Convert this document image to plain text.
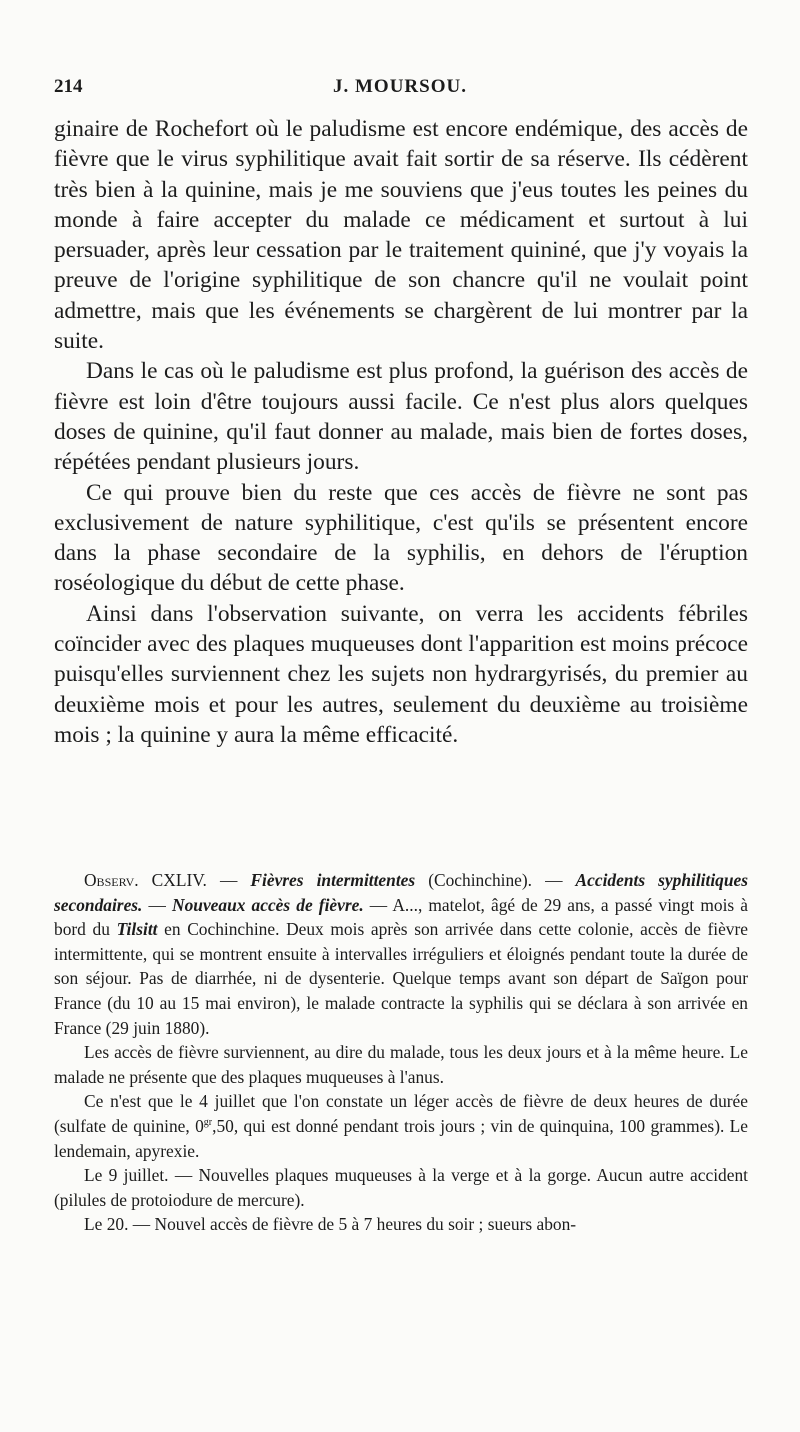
214	J. MOURSOU.

ginaire de Rochefort où le paludisme est encore endémique, des accès de fièvre que le virus syphilitique avait fait sortir de sa réserve. Ils cédèrent très bien à la quinine, mais je me souviens que j'eus toutes les peines du monde à faire accepter du malade ce médicament et surtout à lui persuader, après leur cessation par le traitement quininé, que j'y voyais la preuve de l'origine syphilitique de son chancre qu'il ne voulait point admettre, mais que les événements se chargèrent de lui montrer par la suite.

Dans le cas où le paludisme est plus profond, la guérison des accès de fièvre est loin d'être toujours aussi facile. Ce n'est plus alors quelques doses de quinine, qu'il faut donner au malade, mais bien de fortes doses, répétées pendant plusieurs jours.

Ce qui prouve bien du reste que ces accès de fièvre ne sont pas exclusivement de nature syphilitique, c'est qu'ils se présentent encore dans la phase secondaire de la syphilis, en dehors de l'éruption roséologique du début de cette phase.

Ainsi dans l'observation suivante, on verra les accidents fébriles coïncider avec des plaques muqueuses dont l'apparition est moins précoce puisqu'elles surviennent chez les sujets non hydrargyrisés, du premier au deuxième mois et pour les autres, seulement du deuxième au troisième mois ; la quinine y aura la même efficacité.

Observ. CXLIV. — Fièvres intermittentes (Cochinchine). — Accidents syphilitiques secondaires. — Nouveaux accès de fièvre. — A..., matelot, âgé de 29 ans, a passé vingt mois à bord du Tilsitt en Cochinchine. Deux mois après son arrivée dans cette colonie, accès de fièvre intermittente, qui se montrent ensuite à intervalles irréguliers et éloignés pendant toute la durée de son séjour. Pas de diarrhée, ni de dysenterie. Quelque temps avant son départ de Saïgon pour France (du 10 au 15 mai environ), le malade contracte la syphilis qui se déclara à son arrivée en France (29 juin 1880).

Les accès de fièvre surviennent, au dire du malade, tous les deux jours et à la même heure. Le malade ne présente que des plaques muqueuses à l'anus.

Ce n'est que le 4 juillet que l'on constate un léger accès de fièvre de deux heures de durée (sulfate de quinine, $0^{gr},50$, qui est donné pendant trois jours ; vin de quinquina, 100 grammes). Le lendemain, apyrexie.

Le 9 juillet. — Nouvelles plaques muqueuses à la verge et à la gorge. Aucun autre accident (pilules de protoiodure de mercure).

Le 20. — Nouvel accès de fièvre de 5 à 7 heures du soir ; sueurs abon-
